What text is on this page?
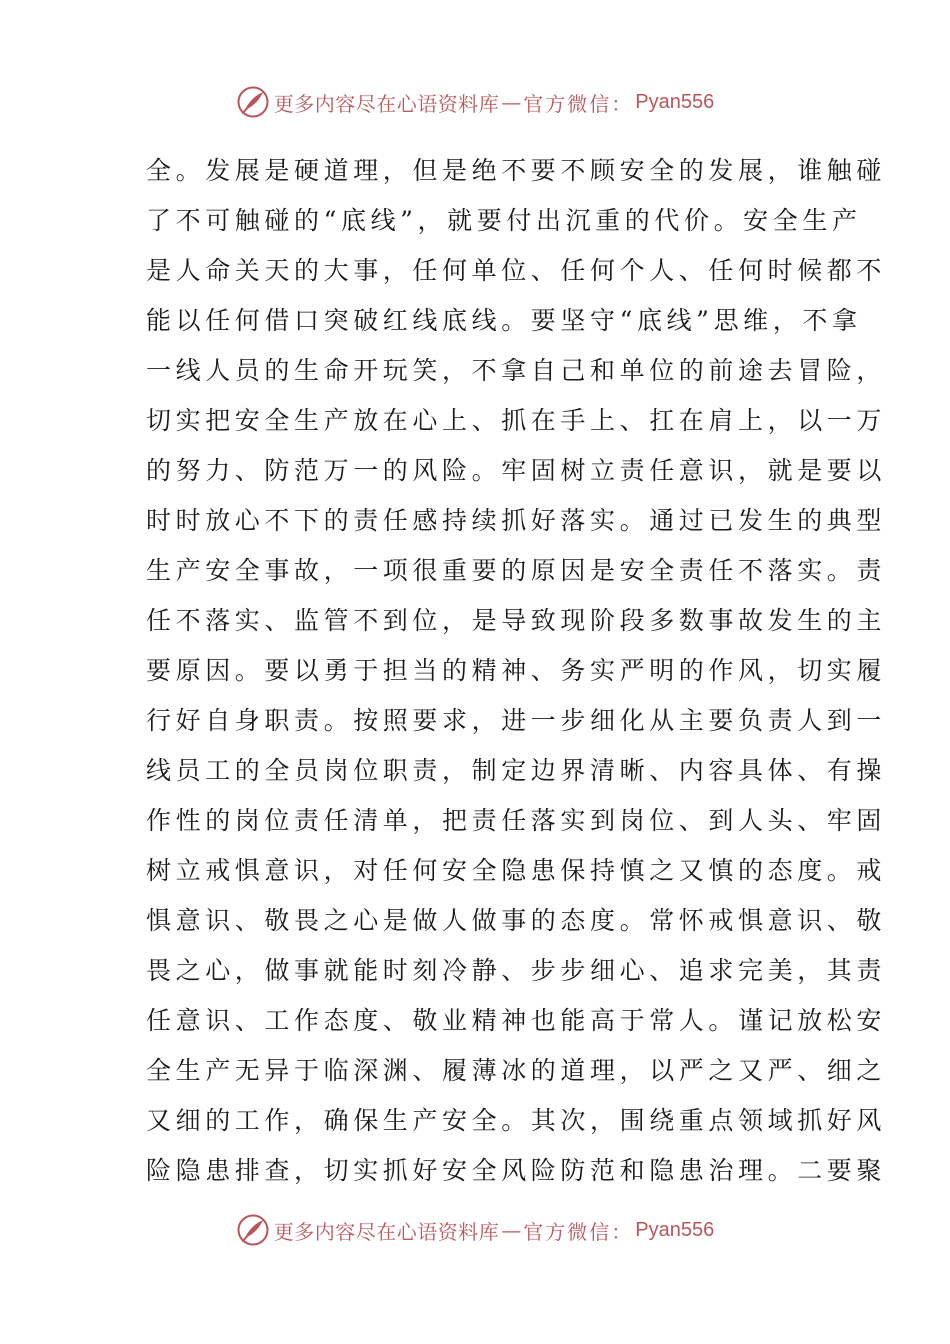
更多内容尽在心语资料库 — 官方微信： Pyan556
全。发展是硬道理，但是绝不要不顾安全的发展，谁触碰
了不可触碰的“底线”，就要付出沉重的代价。安全生产
是人命关天的大事，任何单位、任何个人、任何时候都不
能以任何借口突破红线底线。要坚守“底线”思维，不拿
一线人员的生命开玩笑，不拿自己和单位的前途去冒险，
切实把安全生产放在心上、抓在手上、扛在肩上，以一万
的努力、防范万一的风险。牢固树立责任意识，就是要以
时时放心不下的责任感持续抓好落实。通过已发生的典型
生产安全事故，一项很重要的原因是安全责任不落实。责
任不落实、监管不到位，是导致现阶段多数事故发生的主
要原因。要以勇于担当的精神、务实严明的作风，切实履
行好自身职责。按照要求，进一步细化从主要负责人到一
线员工的全员岗位职责，制定边界清晰、内容具体、有操
作性的岗位责任清单，把责任落实到岗位、到人头、牢固
树立戒惧意识，对任何安全隐患保持慎之又慎的态度。戒
惧意识、敬畏之心是做人做事的态度。常怀戒惧意识、敬
畏之心，做事就能时刻冷静、步步细心、追求完美，其责
任意识、工作态度、敬业精神也能高于常人。谨记放松安
全生产无异于临深渊、履薄冰的道理，以严之又严、细之
又细的工作，确保生产安全。其次，围绕重点领域抓好风
险隐患排查，切实抓好安全风险防范和隐患治理。二要聚
更多内容尽在心语资料库 — 官方微信： Pyan556
